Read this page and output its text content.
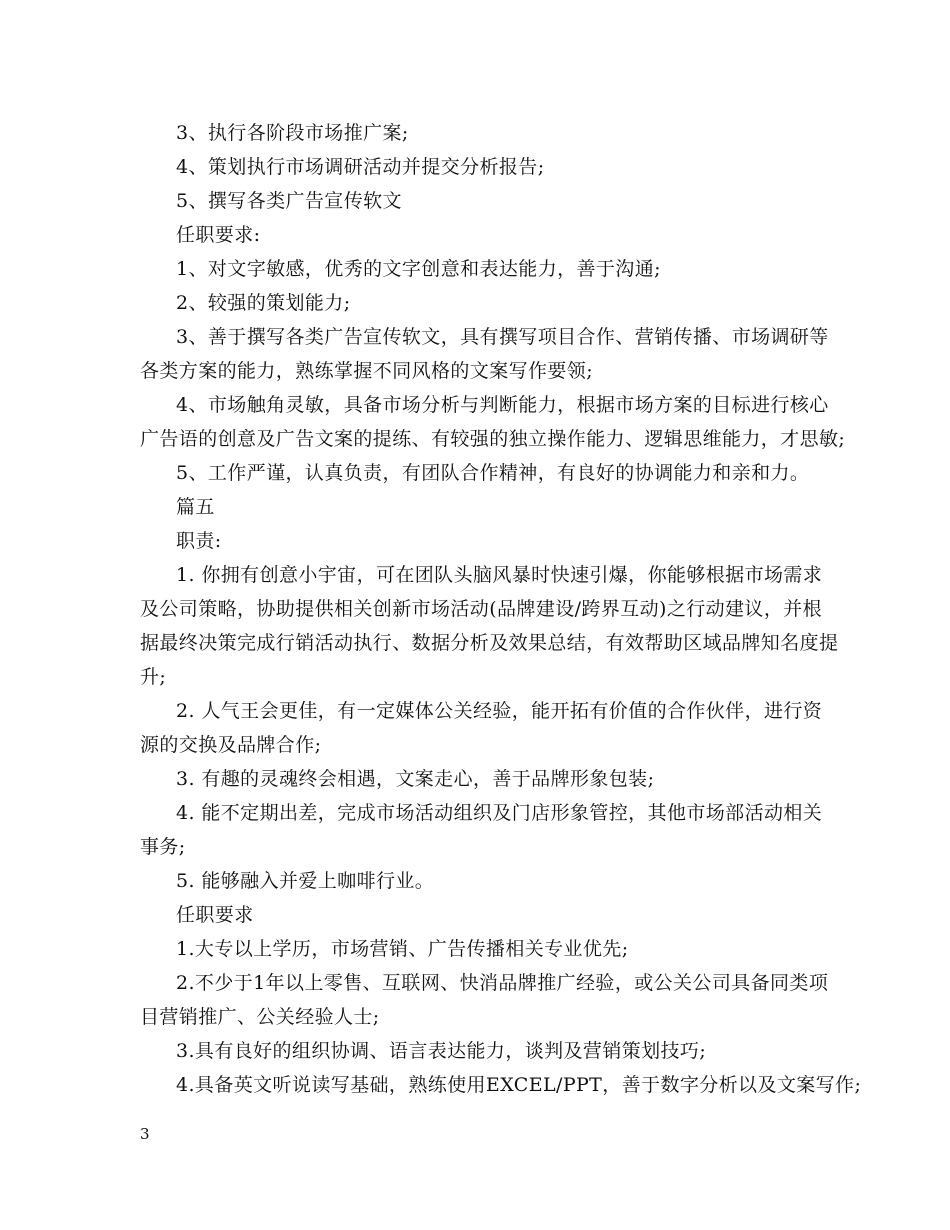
3、执行各阶段市场推广案;
4、策划执行市场调研活动并提交分析报告;
5、撰写各类广告宣传软文
任职要求:
1、对文字敏感，优秀的文字创意和表达能力，善于沟通;
2、较强的策划能力;
3、善于撰写各类广告宣传软文，具有撰写项目合作、营销传播、市场调研等
各类方案的能力，熟练掌握不同风格的文案写作要领;
4、市场触角灵敏，具备市场分析与判断能力，根据市场方案的目标进行核心
广告语的创意及广告文案的提练、有较强的独立操作能力、逻辑思维能力，才思敏;
5、工作严谨，认真负责，有团队合作精神，有良好的协调能力和亲和力。
篇五
职责:
1. 你拥有创意小宇宙，可在团队头脑风暴时快速引爆，你能够根据市场需求
及公司策略，协助提供相关创新市场活动(品牌建设/跨界互动)之行动建议，并根
据最终决策完成行销活动执行、数据分析及效果总结，有效帮助区域品牌知名度提
升;
2. 人气王会更佳，有一定媒体公关经验，能开拓有价值的合作伙伴，进行资
源的交换及品牌合作;
3. 有趣的灵魂终会相遇，文案走心，善于品牌形象包装;
4. 能不定期出差，完成市场活动组织及门店形象管控，其他市场部活动相关
事务;
5. 能够融入并爱上咖啡行业。
任职要求
1.大专以上学历，市场营销、广告传播相关专业优先;
2.不少于1年以上零售、互联网、快消品牌推广经验，或公关公司具备同类项
目营销推广、公关经验人士;
3.具有良好的组织协调、语言表达能力，谈判及营销策划技巧;
4.具备英文听说读写基础，熟练使用EXCEL/PPT，善于数字分析以及文案写作;
3
